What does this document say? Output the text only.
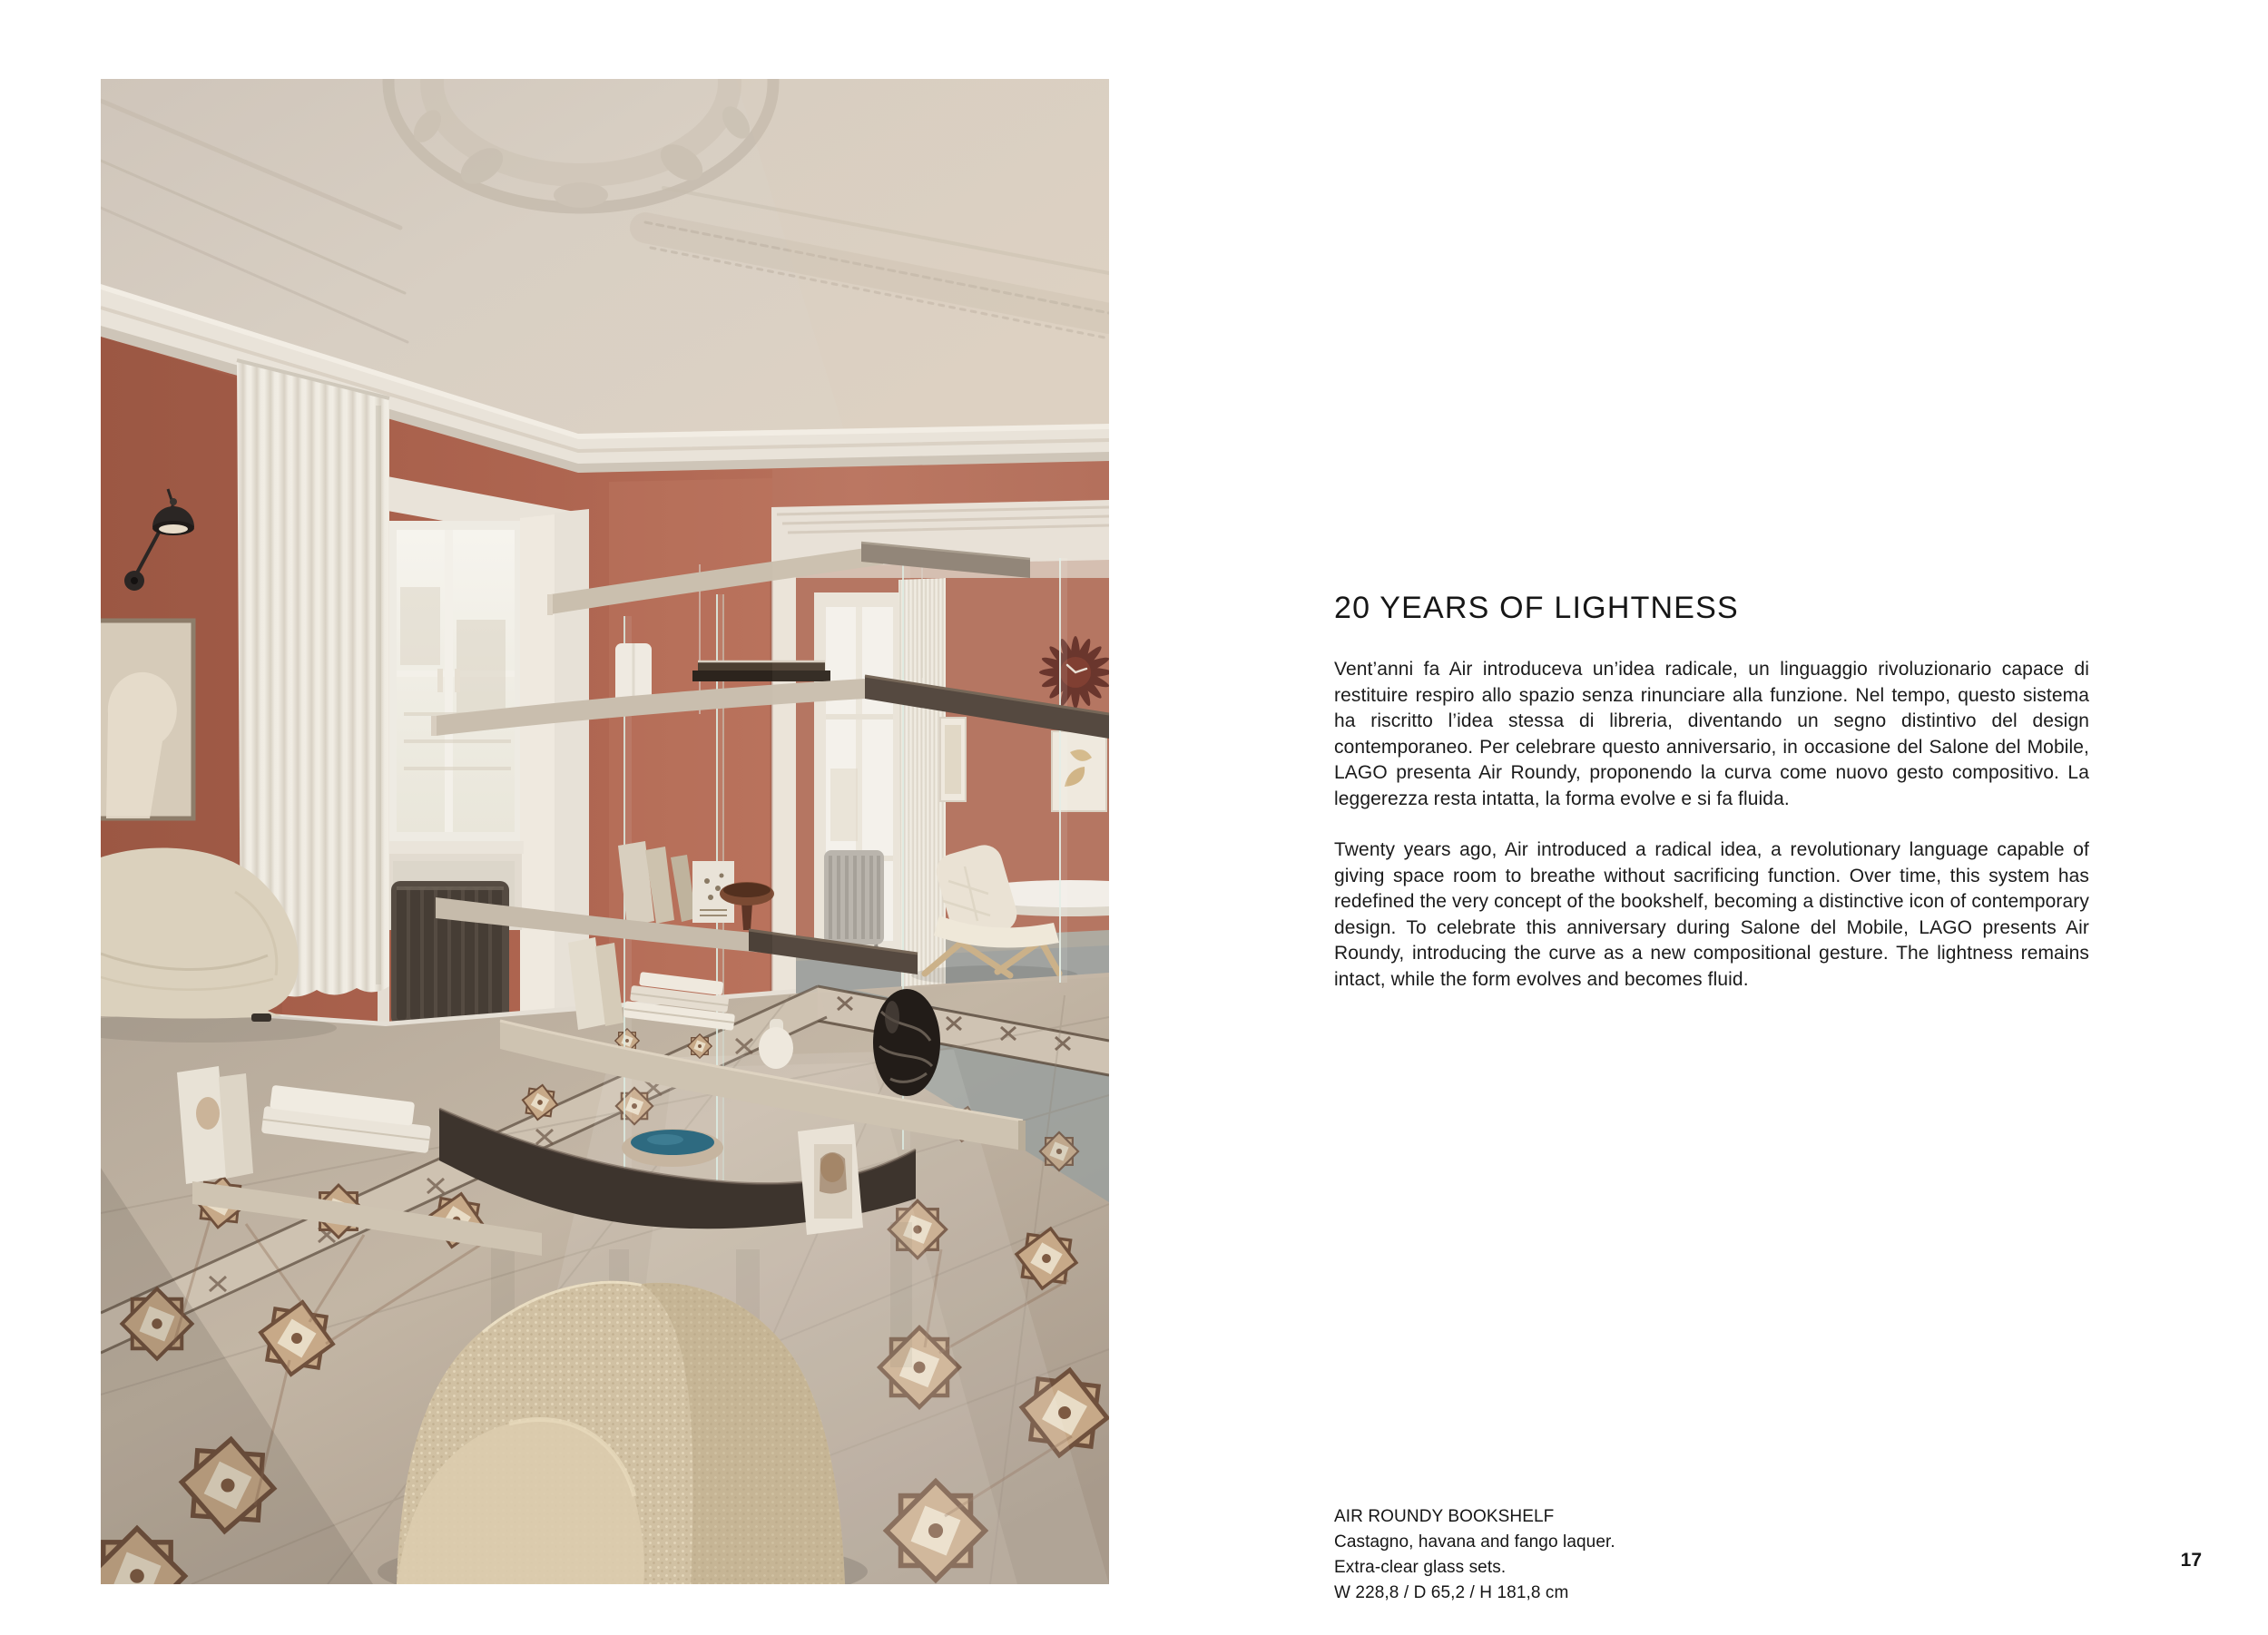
20 YEARS OF LIGHTNESS

Vent’anni fa Air introduceva un’idea radicale, un linguaggio rivoluzionario capace di restituire respiro allo spazio senza rinunciare alla funzione. Nel tempo, questo sistema ha riscritto l’idea stessa di libreria, diventando un segno distintivo del design contemporaneo. Per celebrare questo anniversario, in occasione del Salone del Mobile, LAGO presenta Air Roundy, proponendo la curva come nuovo gesto compositivo. La leggerezza resta intatta, la forma evolve e si fa fluida.

Twenty years ago, Air introduced a radical idea, a revolutionary language capable of giving space room to breathe without sacrificing function. Over time, this system has redefined the very concept of the bookshelf, becoming a distinctive icon of contemporary design. To celebrate this anniversary during Salone del Mobile, LAGO presents Air Roundy, introducing the curve as a new compositional gesture. The lightness remains intact, while the form evolves and becomes fluid.

AIR ROUNDY BOOKSHELF
Castagno, havana and fango laquer.
Extra-clear glass sets.
W 228,8 / D 65,2 / H 181,8 cm
17
